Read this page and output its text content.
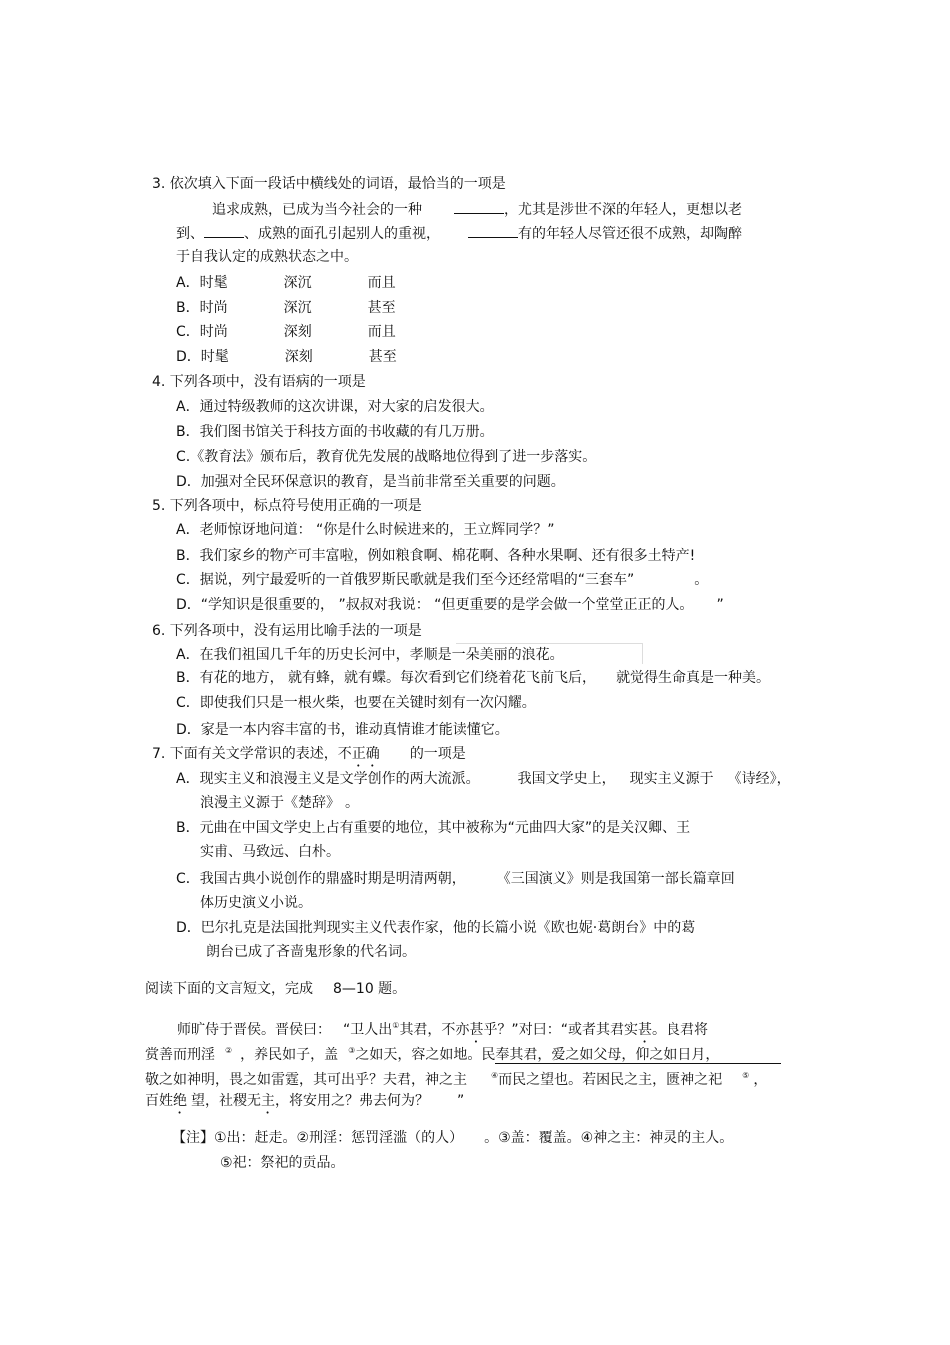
3. 依次填入下面一段话中横线处的词语，最恰当的一项是
追求成熟，已成为当今社会的一种	，尤其是涉世不深的年轻人，更想以老
到、	、成熟的面孔引起别人的重视，	有的年轻人尽管还很不成熟，却陶醉
于自我认定的成熟状态之中。
A．时髦	深沉	而且
B．时尚	深沉	甚至
C．时尚	深刻	而且
D．时髦	深刻	甚至
4. 下列各项中，没有语病的一项是
A．通过特级教师的这次讲课，对大家的启发很大。
B．我们图书馆关于科技方面的书收藏的有几万册。
C.《教育法》颁布后，教育优先发展的战略地位得到了进一步落实。
D．加强对全民环保意识的教育，是当前非常至关重要的问题。
5. 下列各项中，标点符号使用正确的一项是
A．老师惊讶地问道： “你是什么时候进来的，王立辉同学？”
B．我们家乡的物产可丰富啦，例如粮食啊、棉花啊、各种水果啊、还有很多土特产!
C．据说，列宁最爱听的一首俄罗斯民歌就是我们至今还经常唱的“三套车”	。
D．“学知识是很重要的， ”叔叔对我说： “但更重要的是学会做一个堂堂正正的人。 ”
6. 下列各项中，没有运用比喻手法的一项是
A．在我们祖国几千年的历史长河中，孝顺是一朵美丽的浪花。
B．有花的地方， 就有蜂，就有蝶。每次看到它们绕着花飞前飞后， 就觉得生命真是一种美。
C．即使我们只是一根火柴，也要在关键时刻有一次闪耀。
D．家是一本内容丰富的书，谁动真情谁才能读懂它。
7. 下面有关文学常识的表述，不正确 的一项是
A．现实主义和浪漫主义是文学创作的两大流派。	我国文学史上， 现实主义源于 《诗经》，
浪漫主义源于《楚辞》 。
B．元曲在中国文学史上占有重要的地位，其中被称为“元曲四大家”的是关汉卿、王
实甫、马致远、白朴。
C．我国古典小说创作的鼎盛时期是明清两朝，	《三国演义》则是我国第一部长篇章回
体历史演义小说。
D．巴尔扎克是法国批判现实主义代表作家，他的长篇小说《欧也妮·葛朗台》中的葛
朗台已成了吝啬鬼形象的代名词。
阅读下面的文言短文，完成 8—10 题。
师旷侍于晋侯。晋侯曰： “卫人出①其君，不亦甚乎？”对曰：“或者其君实甚。良君将
赏善而刑淫 ② ，养民如子，盖 ③之如天，容之如地。民奉其君，爱之如父母，仰之如日月，
敬之如神明，畏之如雷霆，其可出乎？夫君，神之主	④而民之望也。若困民之主，匮神之祀	⑤ ，
百姓绝 望，社稷无主，将安用之？弗去何为？ ”
【注】①出：赶走。②刑淫：惩罚淫滥（的人） 。③盖：覆盖。④神之主：神灵的主人。
⑤祀：祭祀的贡品。
